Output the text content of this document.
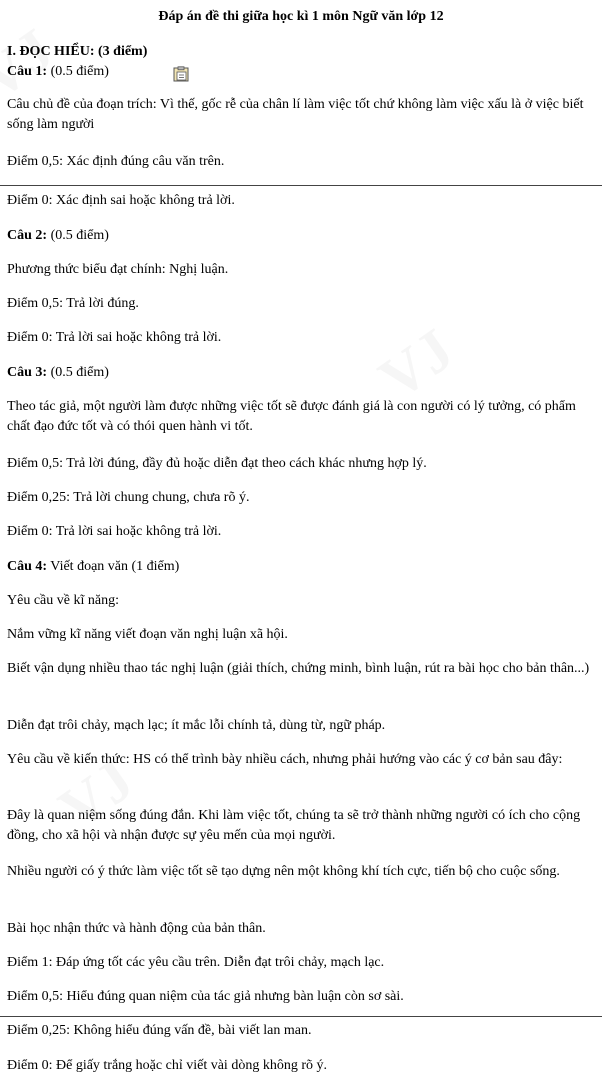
Đáp án đề thi giữa học kì 1 môn Ngữ văn lớp 12
I. ĐỌC HIỂU: (3 điểm)
Câu 1: (0.5 điểm)
Câu chủ đề của đoạn trích: Vì thế, gốc rễ của chân lí làm việc tốt chứ không làm việc xấu là ở việc biết sống làm người
Điểm 0,5: Xác định đúng câu văn trên.
Điểm 0: Xác định sai hoặc không trả lời.
Câu 2: (0.5 điểm)
Phương thức biểu đạt chính: Nghị luận.
Điểm 0,5: Trả lời đúng.
Điểm 0: Trả lời sai hoặc không trả lời.
Câu 3: (0.5 điểm)
Theo tác giả, một người làm được những việc tốt sẽ được đánh giá là con người có lý tưởng, có phẩm chất đạo đức tốt và có thói quen hành vi tốt.
Điểm 0,5: Trả lời đúng, đầy đủ hoặc diễn đạt theo cách khác nhưng hợp lý.
Điểm 0,25: Trả lời chung chung, chưa rõ ý.
Điểm 0: Trả lời sai hoặc không trả lời.
Câu 4: Viết đoạn văn (1 điểm)
Yêu cầu về kĩ năng:
Nắm vững kĩ năng viết đoạn văn nghị luận xã hội.
Biết vận dụng nhiều thao tác nghị luận (giải thích, chứng minh, bình luận, rút ra bài học cho bản thân...)
Diễn đạt trôi chảy, mạch lạc; ít mắc lỗi chính tả, dùng từ, ngữ pháp.
Yêu cầu về kiến thức: HS có thể trình bày nhiều cách, nhưng phải hướng vào các ý cơ bản sau đây:
Đây là quan niệm sống đúng đắn. Khi làm việc tốt, chúng ta sẽ trở thành những người có ích cho cộng đồng, cho xã hội và nhận được sự yêu mến của mọi người.
Nhiều người có ý thức làm việc tốt sẽ tạo dựng nên một không khí tích cực, tiến bộ cho cuộc sống.
Bài học nhận thức và hành động của bản thân.
Điểm 1: Đáp ứng tốt các yêu cầu trên. Diễn đạt trôi chảy, mạch lạc.
Điểm 0,5: Hiểu đúng quan niệm của tác giả nhưng bàn luận còn sơ sài.
Điểm 0,25: Không hiểu đúng vấn đề, bài viết lan man.
Điểm 0: Để giấy trắng hoặc chỉ viết vài dòng không rõ ý.
